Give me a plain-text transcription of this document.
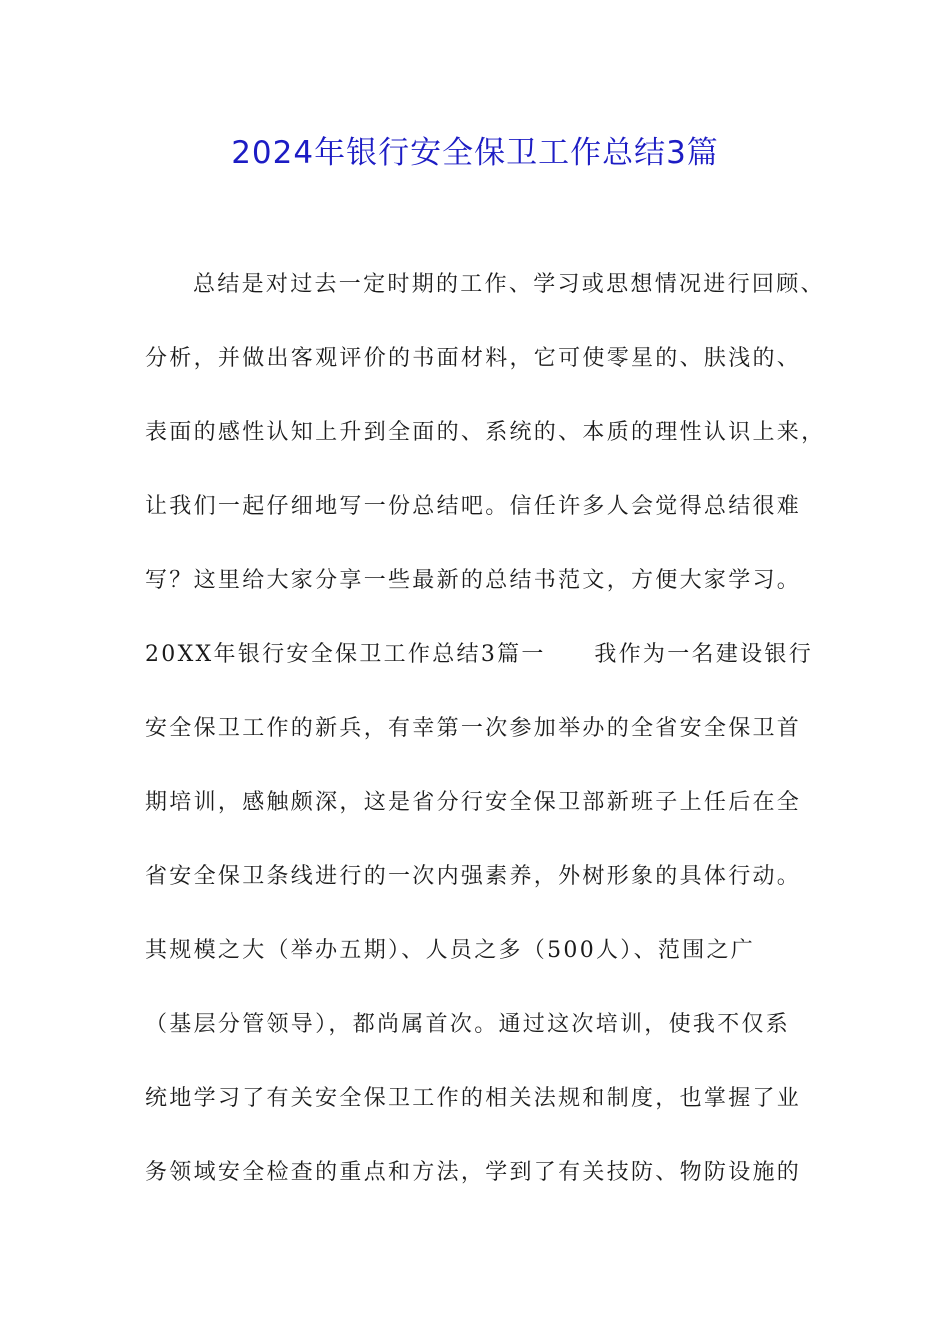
2024年银行安全保卫工作总结3篇
总结是对过去一定时期的工作、学习或思想情况进行回顾、
分析，并做出客观评价的书面材料，它可使零星的、肤浅的、
表面的感性认知上升到全面的、系统的、本质的理性认识上来，
让我们一起仔细地写一份总结吧。信任许多人会觉得总结很难
写？这里给大家分享一些最新的总结书范文，方便大家学习。
20XX年银行安全保卫工作总结3篇一　　我作为一名建设银行
安全保卫工作的新兵，有幸第一次参加举办的全省安全保卫首
期培训，感触颇深，这是省分行安全保卫部新班子上任后在全
省安全保卫条线进行的一次内强素养，外树形象的具体行动。
其规模之大（举办五期）、人员之多（500人）、范围之广
（基层分管领导），都尚属首次。通过这次培训，使我不仅系
统地学习了有关安全保卫工作的相关法规和制度，也掌握了业
务领域安全检查的重点和方法，学到了有关技防、物防设施的
